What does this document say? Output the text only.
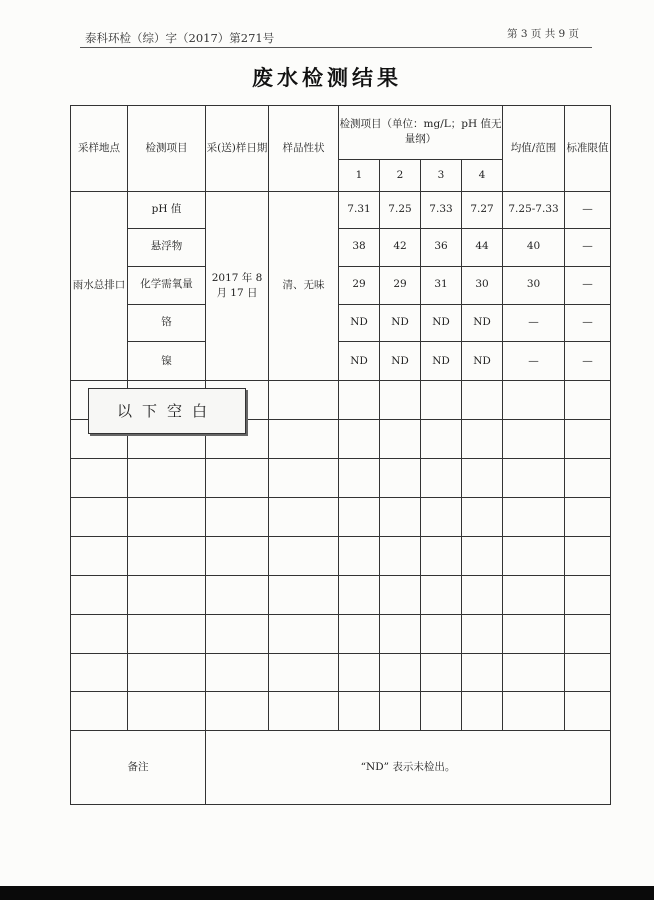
泰科环检（综）字（2017）第271号	第 3 页 共 9 页
废水检测结果
采样地点	检测项目	采(送)样日期	样品性状	检测项目（单位：mg/L；pH 值无量纲）				均值/范围	标准限值
				1	2	3	4		
雨水总排口	pH 值	2017 年 8 月 17 日	清、无味	7.31	7.25	7.33	7.27	7.25-7.33	—
	悬浮物			38	42	36	44	40	—
	化学需氧量			29	29	31	30	30	—
	铬			ND	ND	ND	ND	—	—
	镍			ND	ND	ND	ND	—	—

备注		“ND” 表示未检出。							
以下空白
